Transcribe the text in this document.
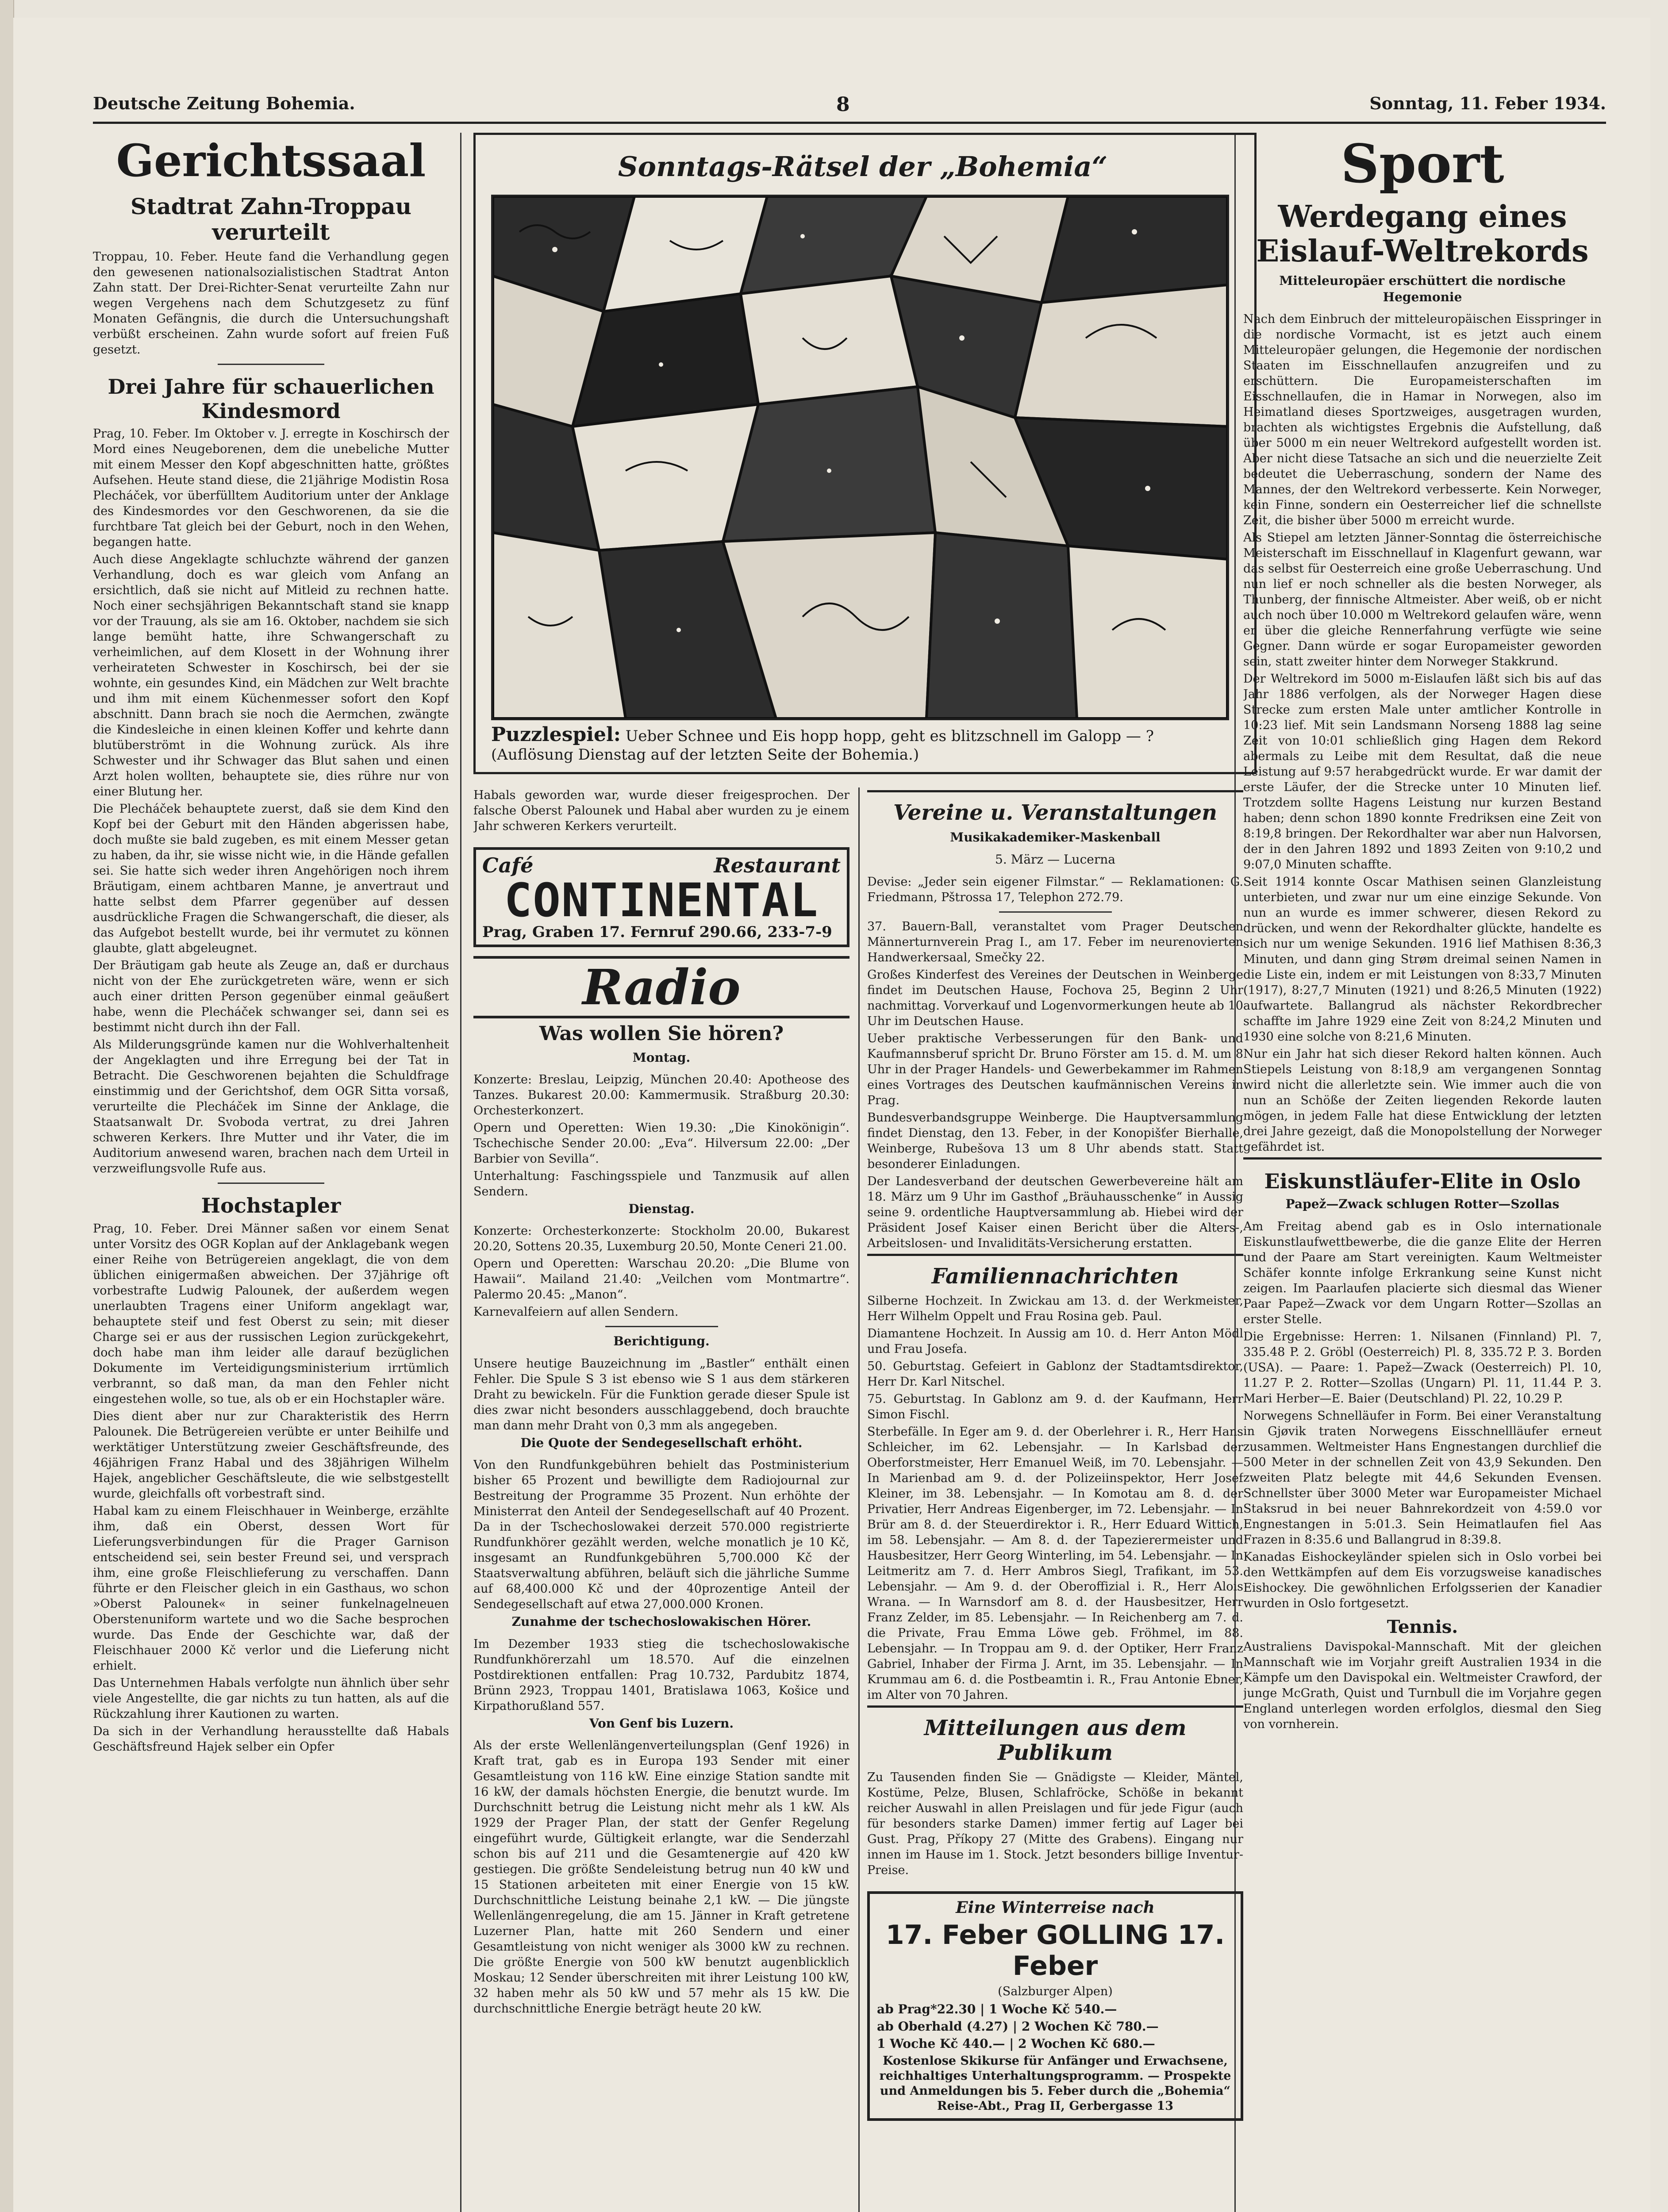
Deutsche Zeitung Bohemia.	8	Sonntag, 11. Feber 1934.
Gerichtssaal
Stadtrat Zahn-Troppau verurteilt

Troppau, 10. Feber. Heute fand die Verhandlung gegen den gewesenen nationalsozialistischen Stadtrat Anton Zahn statt. Der Drei-Richter-Senat verurteilte Zahn nur wegen Vergehens nach dem Schutzgesetz zu fünf Monaten Gefängnis, die durch die Untersuchungshaft verbüßt erscheinen. Zahn wurde sofort auf freien Fuß gesetzt.

Drei Jahre für schauerlichen Kindesmord

Prag, 10. Feber. Im Oktober v. J. erregte in Koschirsch der Mord eines Neugeborenen, dem die unebeliche Mutter mit einem Messer den Kopf abgeschnitten hatte, größtes Aufsehen. Heute stand diese, die 21jährige Modistin Rosa Plecháček, vor überfülltem Auditorium unter der Anklage des Kindesmordes vor den Geschworenen, da sie die furchtbare Tat gleich bei der Geburt, noch in den Wehen, begangen hatte.

Auch diese Angeklagte schluchzte während der ganzen Verhandlung, doch es war gleich vom Anfang an ersichtlich, daß sie nicht auf Mitleid zu rechnen hatte. Noch einer sechsjährigen Bekanntschaft stand sie knapp vor der Trauung, als sie am 16. Oktober, nachdem sie sich lange bemüht hatte, ihre Schwangerschaft zu verheimlichen, auf dem Klosett in der Wohnung ihrer verheirateten Schwester in Koschirsch, bei der sie wohnte, ein gesundes Kind, ein Mädchen zur Welt brachte und ihm mit einem Küchenmesser sofort den Kopf abschnitt. Dann brach sie noch die Aermchen, zwängte die Kindesleiche in einen kleinen Koffer und kehrte dann blutüberströmt in die Wohnung zurück. Als ihre Schwester und ihr Schwager das Blut sahen und einen Arzt holen wollten, behauptete sie, dies rühre nur von einer Blutung her.

Die Plecháček behauptete zuerst, daß sie dem Kind den Kopf bei der Geburt mit den Händen abgerissen habe, doch mußte sie bald zugeben, es mit einem Messer getan zu haben, da ihr, sie wisse nicht wie, in die Hände gefallen sei. Sie hatte sich weder ihren Angehörigen noch ihrem Bräutigam, einem achtbaren Manne, je anvertraut und hatte selbst dem Pfarrer gegenüber auf dessen ausdrückliche Fragen die Schwangerschaft, die dieser, als das Aufgebot bestellt wurde, bei ihr vermutet zu können glaubte, glatt abgeleugnet.

Der Bräutigam gab heute als Zeuge an, daß er durchaus nicht von der Ehe zurückgetreten wäre, wenn er sich auch einer dritten Person gegenüber einmal geäußert habe, wenn die Plecháček schwanger sei, dann sei es bestimmt nicht durch ihn der Fall.

Als Milderungsgründe kamen nur die Wohlverhaltenheit der Angeklagten und ihre Erregung bei der Tat in Betracht. Die Geschworenen bejahten die Schuldfrage einstimmig und der Gerichtshof, dem OGR Sitta vorsaß, verurteilte die Plecháček im Sinne der Anklage, die Staatsanwalt Dr. Svoboda vertrat, zu drei Jahren schweren Kerkers. Ihre Mutter und ihr Vater, die im Auditorium anwesend waren, brachen nach dem Urteil in verzweiflungsvolle Rufe aus.

Hochstapler

Prag, 10. Feber. Drei Männer saßen vor einem Senat unter Vorsitz des OGR Koplan auf der Anklagebank wegen einer Reihe von Betrügereien angeklagt, die von dem üblichen einigermaßen abweichen. Der 37jährige oft vorbestrafte Ludwig Palounek, der außerdem wegen unerlaubten Tragens einer Uniform angeklagt war, behauptete steif und fest Oberst zu sein; mit dieser Charge sei er aus der russischen Legion zurückgekehrt, doch habe man ihm leider alle darauf bezüglichen Dokumente im Verteidigungsministerium irrtümlich verbrannt, so daß man, da man den Fehler nicht eingestehen wolle, so tue, als ob er ein Hochstapler wäre.

Dies dient aber nur zur Charakteristik des Herrn Palounek. Die Betrügereien verübte er unter Beihilfe und werktätiger Unterstützung zweier Geschäftsfreunde, des 46jährigen Franz Habal und des 38jährigen Wilhelm Hajek, angeblicher Geschäftsleute, die wie selbstgestellt wurde, gleichfalls oft vorbestraft sind.

Habal kam zu einem Fleischhauer in Weinberge, erzählte ihm, daß ein Oberst, dessen Wort für Lieferungsverbindungen für die Prager Garnison entscheidend sei, sein bester Freund sei, und versprach ihm, eine große Fleischlieferung zu verschaffen. Dann führte er den Fleischer gleich in ein Gasthaus, wo schon »Oberst Palounek« in seiner funkelnagelneuen Oberstenuniform wartete und wo die Sache besprochen wurde. Das Ende der Geschichte war, daß der Fleischhauer 2000 Kč verlor und die Lieferung nicht erhielt.

Das Unternehmen Habals verfolgte nun ähnlich über sehr viele Angestellte, die gar nichts zu tun hatten, als auf die Rückzahlung ihrer Kautionen zu warten.

Da sich in der Verhandlung herausstellte daß Habals Geschäftsfreund Hajek selber ein Opfer

Sonntags-Rätsel der „Bohemia“
Puzzlespiel: Ueber Schnee und Eis hopp hopp, geht es blitzschnell im Galopp — ? (Auflösung Dienstag auf der letzten Seite der Bohemia.)

Habals geworden war, wurde dieser freigesprochen. Der falsche Oberst Palounek und Habal aber wurden zu je einem Jahr schweren Kerkers verurteilt.

Café	Restaurant
CONTINENTAL
Prag, Graben 17. Fernruf 290.66, 233-7-9
Radio
Was wollen Sie hören?
Montag.

Konzerte: Breslau, Leipzig, München 20.40: Apotheose des Tanzes. Bukarest 20.00: Kammermusik. Straßburg 20.30: Orchesterkonzert.

Opern und Operetten: Wien 19.30: „Die Kinokönigin“. Tschechische Sender 20.00: „Eva“. Hilversum 22.00: „Der Barbier von Sevilla“.

Unterhaltung: Faschingsspiele und Tanzmusik auf allen Sendern.

Dienstag.

Konzerte: Orchesterkonzerte: Stockholm 20.00, Bukarest 20.20, Sottens 20.35, Luxemburg 20.50, Monte Ceneri 21.00.

Opern und Operetten: Warschau 20.20: „Die Blume von Hawaii“. Mailand 21.40: „Veilchen vom Montmartre“. Palermo 20.45: „Manon“.

Karnevalfeiern auf allen Sendern.

Berichtigung.

Unsere heutige Bauzeichnung im „Bastler“ enthält einen Fehler. Die Spule S 3 ist ebenso wie S 1 aus dem stärkeren Draht zu bewickeln. Für die Funktion gerade dieser Spule ist dies zwar nicht besonders ausschlaggebend, doch brauchte man dann mehr Draht von 0,3 mm als angegeben.

Die Quote der Sendegesellschaft erhöht.

Von den Rundfunkgebühren behielt das Postministerium bisher 65 Prozent und bewilligte dem Radiojournal zur Bestreitung der Programme 35 Prozent. Nun erhöhte der Ministerrat den Anteil der Sendegesellschaft auf 40 Prozent. Da in der Tschechoslowakei derzeit 570.000 registrierte Rundfunkhörer gezählt werden, welche monatlich je 10 Kč, insgesamt an Rundfunkgebühren 5,700.000 Kč der Staatsverwaltung abführen, beläuft sich die jährliche Summe auf 68,400.000 Kč und der 40prozentige Anteil der Sendegesellschaft auf etwa 27,000.000 Kronen.

Zunahme der tschechoslowakischen Hörer.

Im Dezember 1933 stieg die tschechoslowakische Rundfunkhörerzahl um 18.570. Auf die einzelnen Postdirektionen entfallen: Prag 10.732, Pardubitz 1874, Brünn 2923, Troppau 1401, Bratislawa 1063, Košice und Kirpathorußland 557.

Von Genf bis Luzern.

Als der erste Wellenlängenverteilungsplan (Genf 1926) in Kraft trat, gab es in Europa 193 Sender mit einer Gesamtleistung von 116 kW. Eine einzige Station sandte mit 16 kW, der damals höchsten Energie, die benutzt wurde. Im Durchschnitt betrug die Leistung nicht mehr als 1 kW. Als 1929 der Prager Plan, der statt der Genfer Regelung eingeführt wurde, Gültigkeit erlangte, war die Senderzahl schon bis auf 211 und die Gesamtenergie auf 420 kW gestiegen. Die größte Sendeleistung betrug nun 40 kW und 15 Stationen arbeiteten mit einer Energie von 15 kW. Durchschnittliche Leistung beinahe 2,1 kW. — Die jüngste Wellenlängenregelung, die am 15. Jänner in Kraft getretene Luzerner Plan, hatte mit 260 Sendern und einer Gesamtleistung von nicht weniger als 3000 kW zu rechnen. Die größte Energie von 500 kW benutzt augenblicklich Moskau; 12 Sender überschreiten mit ihrer Leistung 100 kW, 32 haben mehr als 50 kW und 57 mehr als 15 kW. Die durchschnittliche Energie beträgt heute 20 kW.

Vereine u. Veranstaltungen
Musikakademiker-Maskenball
5. März — Lucerna

Devise: „Jeder sein eigener Filmstar.“ — Reklamationen: G. Friedmann, Pštrossa 17, Telephon 272.79.

37. Bauern-Ball, veranstaltet vom Prager Deutschen Männerturnverein Prag I., am 17. Feber im neurenovierten Handwerkersaal, Smečky 22.

Großes Kinderfest des Vereines der Deutschen in Weinberge findet im Deutschen Hause, Fochova 25, Beginn 2 Uhr nachmittag. Vorverkauf und Logenvormerkungen heute ab 10 Uhr im Deutschen Hause.

Ueber praktische Verbesserungen für den Bank- und Kaufmannsberuf spricht Dr. Bruno Förster am 15. d. M. um 8 Uhr in der Prager Handels- und Gewerbekammer im Rahmen eines Vortrages des Deutschen kaufmännischen Vereins in Prag.

Bundesverbandsgruppe Weinberge. Die Hauptversammlung findet Dienstag, den 13. Feber, in der Konopišťer Bierhalle, Weinberge, Rubešova 13 um 8 Uhr abends statt. Statt besonderer Einladungen.

Der Landesverband der deutschen Gewerbevereine hält am 18. März um 9 Uhr im Gasthof „Bräuhausschenke“ in Aussig seine 9. ordentliche Hauptversammlung ab. Hiebei wird der Präsident Josef Kaiser einen Bericht über die Alters-, Arbeitslosen- und Invaliditäts-Versicherung erstatten.

Familiennachrichten

Silberne Hochzeit. In Zwickau am 13. d. der Werkmeister, Herr Wilhelm Oppelt und Frau Rosina geb. Paul.

Diamantene Hochzeit. In Aussig am 10. d. Herr Anton Mödl und Frau Josefa.

50. Geburtstag. Gefeiert in Gablonz der Stadtamtsdirektor, Herr Dr. Karl Nitschel.

75. Geburtstag. In Gablonz am 9. d. der Kaufmann, Herr Simon Fischl.

Sterbefälle. In Eger am 9. d. der Oberlehrer i. R., Herr Hans Schleicher, im 62. Lebensjahr. — In Karlsbad der Oberforstmeister, Herr Emanuel Weiß, im 70. Lebensjahr. — In Marienbad am 9. d. der Polizeiinspektor, Herr Josef Kleiner, im 38. Lebensjahr. — In Komotau am 8. d. der Privatier, Herr Andreas Eigenberger, im 72. Lebensjahr. — In Brür am 8. d. der Steuerdirektor i. R., Herr Eduard Wittich, im 58. Lebensjahr. — Am 8. d. der Tapezierermeister und Hausbesitzer, Herr Georg Winterling, im 54. Lebensjahr. — In Leitmeritz am 7. d. Herr Ambros Siegl, Trafikant, im 53. Lebensjahr. — Am 9. d. der Oberoffizial i. R., Herr Alois Wrana. — In Warnsdorf am 8. d. der Hausbesitzer, Herr Franz Zelder, im 85. Lebensjahr. — In Reichenberg am 7. d. die Private, Frau Emma Löwe geb. Fröhmel, im 88. Lebensjahr. — In Troppau am 9. d. der Optiker, Herr Franz Gabriel, Inhaber der Firma J. Arnt, im 35. Lebensjahr. — In Krummau am 6. d. die Postbeamtin i. R., Frau Antonie Ebner, im Alter von 70 Jahren.

Mitteilungen aus dem Publikum

Zu Tausenden finden Sie — Gnädigste — Kleider, Mäntel, Kostüme, Pelze, Blusen, Schlafröcke, Schöße in bekannt reicher Auswahl in allen Preislagen und für jede Figur (auch für besonders starke Damen) immer fertig auf Lager bei Gust. Prag, Příkopy 27 (Mitte des Grabens). Eingang nur innen im Hause im 1. Stock. Jetzt besonders billige Inventur-Preise.

Eine Winterreise nach
17. Feber GOLLING 17. Feber
(Salzburger Alpen)
ab Prag*22.30 | 1 Woche Kč 540.—
ab Oberhald (4.27) | 2 Wochen Kč 780.—
1 Woche Kč 440.— | 2 Wochen Kč 680.—
Kostenlose Skikurse für Anfänger und Erwachsene, reichhaltiges Unterhaltungsprogramm. — Prospekte und Anmeldungen bis 5. Feber durch die „Bohemia“ Reise-Abt., Prag II, Gerbergasse 13
Sport
Werdegang eines Eislauf-Weltrekords
Mitteleuropäer erschüttert die nordische Hegemonie

Nach dem Einbruch der mitteleuropäischen Eisspringer in die nordische Vormacht, ist es jetzt auch einem Mitteleuropäer gelungen, die Hegemonie der nordischen Staaten im Eisschnellaufen anzugreifen und zu erschüttern. Die Europameisterschaften im Eisschnellaufen, die in Hamar in Norwegen, also im Heimatland dieses Sportzweiges, ausgetragen wurden, brachten als wichtigstes Ergebnis die Aufstellung, daß über 5000 m ein neuer Weltrekord aufgestellt worden ist. Aber nicht diese Tatsache an sich und die neuerzielte Zeit bedeutet die Ueberraschung, sondern der Name des Mannes, der den Weltrekord verbesserte. Kein Norweger, kein Finne, sondern ein Oesterreicher lief die schnellste Zeit, die bisher über 5000 m erreicht wurde.

Als Stiepel am letzten Jänner-Sonntag die österreichische Meisterschaft im Eisschnellauf in Klagenfurt gewann, war das selbst für Oesterreich eine große Ueberraschung. Und nun lief er noch schneller als die besten Norweger, als Thunberg, der finnische Altmeister. Aber weiß, ob er nicht auch noch über 10.000 m Weltrekord gelaufen wäre, wenn er über die gleiche Rennerfahrung verfügte wie seine Gegner. Dann würde er sogar Europameister geworden sein, statt zweiter hinter dem Norweger Stakkrund.

Der Weltrekord im 5000 m-Eislaufen läßt sich bis auf das Jahr 1886 verfolgen, als der Norweger Hagen diese Strecke zum ersten Male unter amtlicher Kontrolle in 10:23 lief. Mit sein Landsmann Norseng 1888 lag seine Zeit von 10:01 schließlich ging Hagen dem Rekord abermals zu Leibe mit dem Resultat, daß die neue Leistung auf 9:57 herabgedrückt wurde. Er war damit der erste Läufer, der die Strecke unter 10 Minuten lief. Trotzdem sollte Hagens Leistung nur kurzen Bestand haben; denn schon 1890 konnte Fredriksen eine Zeit von 8:19,8 bringen. Der Rekordhalter war aber nun Halvorsen, der in den Jahren 1892 und 1893 Zeiten von 9:10,2 und 9:07,0 Minuten schaffte.

Seit 1914 konnte Oscar Mathisen seinen Glanzleistung unterbieten, und zwar nur um eine einzige Sekunde. Von nun an wurde es immer schwerer, diesen Rekord zu drücken, und wenn der Rekordhalter glückte, handelte es sich nur um wenige Sekunden. 1916 lief Mathisen 8:36,3 Minuten, und dann ging Strøm dreimal seinen Namen in die Liste ein, indem er mit Leistungen von 8:33,7 Minuten (1917), 8:27,7 Minuten (1921) und 8:26,5 Minuten (1922) aufwartete. Ballangrud als nächster Rekordbrecher schaffte im Jahre 1929 eine Zeit von 8:24,2 Minuten und 1930 eine solche von 8:21,6 Minuten.

Nur ein Jahr hat sich dieser Rekord halten können. Auch Stiepels Leistung von 8:18,9 am vergangenen Sonntag wird nicht die allerletzte sein. Wie immer auch die von nun an Schöße der Zeiten liegenden Rekorde lauten mögen, in jedem Falle hat diese Entwicklung der letzten drei Jahre gezeigt, daß die Monopolstellung der Norweger gefährdet ist.

Eiskunstläufer-Elite in Oslo
Papež—Zwack schlugen Rotter—Szollas

Am Freitag abend gab es in Oslo internationale Eiskunstlaufwettbewerbe, die die ganze Elite der Herren und der Paare am Start vereinigten. Kaum Weltmeister Schäfer konnte infolge Erkrankung seine Kunst nicht zeigen. Im Paarlaufen placierte sich diesmal das Wiener Paar Papež—Zwack vor dem Ungarn Rotter—Szollas an erster Stelle.

Die Ergebnisse: Herren: 1. Nilsanen (Finnland) Pl. 7, 335.48 P. 2. Gröbl (Oesterreich) Pl. 8, 335.72 P. 3. Borden (USA). — Paare: 1. Papež—Zwack (Oesterreich) Pl. 10, 11.27 P. 2. Rotter—Szollas (Ungarn) Pl. 11, 11.44 P. 3. Mari Herber—E. Baier (Deutschland) Pl. 22, 10.29 P.

Norwegens Schnelläufer in Form. Bei einer Veranstaltung in Gjøvik traten Norwegens Eisschnellläufer erneut zusammen. Weltmeister Hans Engnestangen durchlief die 500 Meter in der schnellen Zeit von 43,9 Sekunden. Den zweiten Platz belegte mit 44,6 Sekunden Evensen. Schnellster über 3000 Meter war Europameister Michael Staksrud in bei neuer Bahnrekordzeit von 4:59.0 vor Engnestangen in 5:01.3. Sein Heimatlaufen fiel Aas Frazen in 8:35.6 und Ballangrud in 8:39.8.

Kanadas Eishockeyländer spielen sich in Oslo vorbei bei den Wettkämpfen auf dem Eis vorzugsweise kanadisches Eishockey. Die gewöhnlichen Erfolgsserien der Kanadier wurden in Oslo fortgesetzt.

Tennis.

Australiens Davispokal-Mannschaft. Mit der gleichen Mannschaft wie im Vorjahr greift Australien 1934 in die Kämpfe um den Davispokal ein. Weltmeister Crawford, der junge McGrath, Quist und Turnbull die im Vorjahre gegen England unterlegen worden erfolglos, diesmal den Sieg von vornherein.
